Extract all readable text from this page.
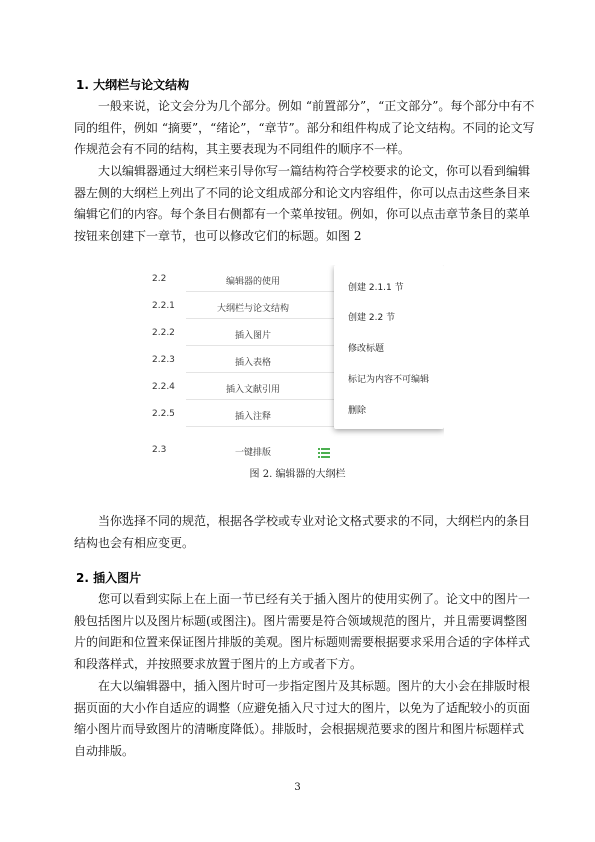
1. 大纲栏与论文结构
一般来说，论文会分为几个部分。例如 “前置部分”，“正文部分”。每个部分中有不
同的组件，例如 “摘要”，“绪论”，“章节”。部分和组件构成了论文结构。不同的论文写
作规范会有不同的结构，其主要表现为不同组件的顺序不一样。
大以编辑器通过大纲栏来引导你写一篇结构符合学校要求的论文，你可以看到编辑
器左侧的大纲栏上列出了不同的论文组成部分和论文内容组件，你可以点击这些条目来
编辑它们的内容。每个条目右侧都有一个菜单按钮。例如，你可以点击章节条目的菜单
按钮来创建下一章节，也可以修改它们的标题。如图 2
2.2	编辑器的使用
2.2.1	大纲栏与论文结构
2.2.2	插入图片
2.2.3	插入表格
2.2.4	插入文献引用
2.2.5	插入注释
2.3	一键排版
创建 2.1.1 节
创建 2.2 节
修改标题
标记为内容不可编辑
删除
图 2. 编辑器的大纲栏
当你选择不同的规范，根据各学校或专业对论文格式要求的不同，大纲栏内的条目
结构也会有相应变更。
2. 插入图片
您可以看到实际上在上面一节已经有关于插入图片的使用实例了。论文中的图片一
般包括图片以及图片标题(或图注)。图片需要是符合领域规范的图片，并且需要调整图
片的间距和位置来保证图片排版的美观。图片标题则需要根据要求采用合适的字体样式
和段落样式，并按照要求放置于图片的上方或者下方。
在大以编辑器中，插入图片时可一步指定图片及其标题。图片的大小会在排版时根
据页面的大小作自适应的调整（应避免插入尺寸过大的图片，以免为了适配较小的页面
缩小图片而导致图片的清晰度降低）。排版时，会根据规范要求的图片和图片标题样式
自动排版。
3
